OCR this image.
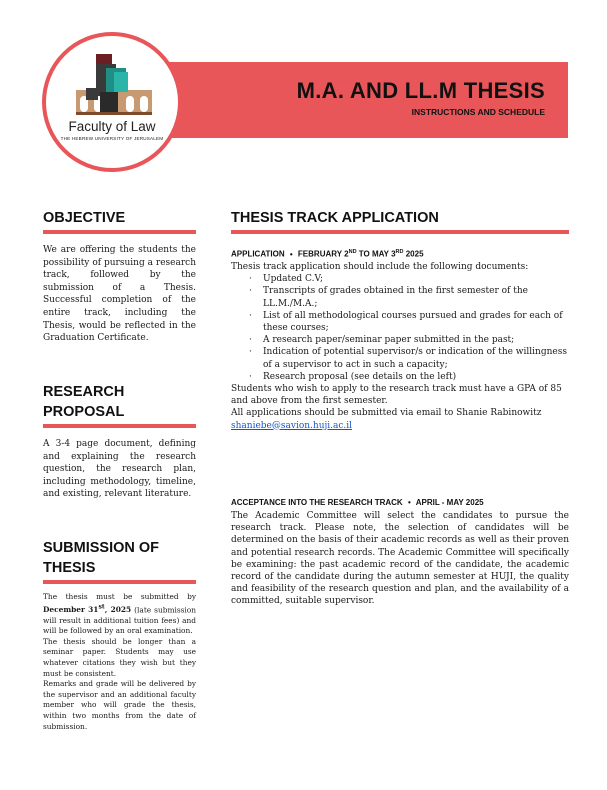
M.A. AND LL.M THESIS
INSTRUCTIONS AND SCHEDULE
Faculty of Law
THE HEBREW UNIVERSITY OF JERUSALEM
OBJECTIVE

We are offering the students the possibility of pursuing a research track, followed by the submission of a Thesis. Successful completion of the entire track, including the Thesis, would be reflected in the Graduation Certificate.

RESEARCH
PROPOSAL

A 3-4 page document, defining and explaining the research question, the research plan, including methodology, timeline, and existing, relevant literature.

SUBMISSION OF
THESIS
The thesis must be submitted by December 31st, 2025 (late submission will result in additional tuition fees) and will be followed by an oral examination.
The thesis should be longer than a seminar paper. Students may use whatever citations they wish but they must be consistent.
Remarks and grade will be delivered by the supervisor and an additional faculty member who will grade the thesis, within two months from the date of submission.
THESIS TRACK APPLICATION
APPLICATION • FEBRUARY 2ND TO MAY 3RD 2025
Thesis track application should include the following documents:
· Updated C.V;
· Transcripts of grades obtained in the first semester of the LL.M./M.A.;
· List of all methodological courses pursued and grades for each of these courses;
· A research paper/seminar paper submitted in the past;
· Indication of potential supervisor/s or indication of the willingness of a supervisor to act in such a capacity;
· Research proposal (see details on the left)
Students who wish to apply to the research track must have a GPA of 85 and above from the first semester.
All applications should be submitted via email to Shanie Rabinowitz
shaniebe@savion.huji.ac.il
ACCEPTANCE INTO THE RESEARCH TRACK • APRIL - MAY 2025

The Academic Committee will select the candidates to pursue the research track. Please note, the selection of candidates will be determined on the basis of their academic records as well as their proven and potential research records. The Academic Committee will specifically be examining: the past academic record of the candidate, the academic record of the candidate during the autumn semester at HUJI, the quality and feasibility of the research question and plan, and the availability of a committed, suitable supervisor.
